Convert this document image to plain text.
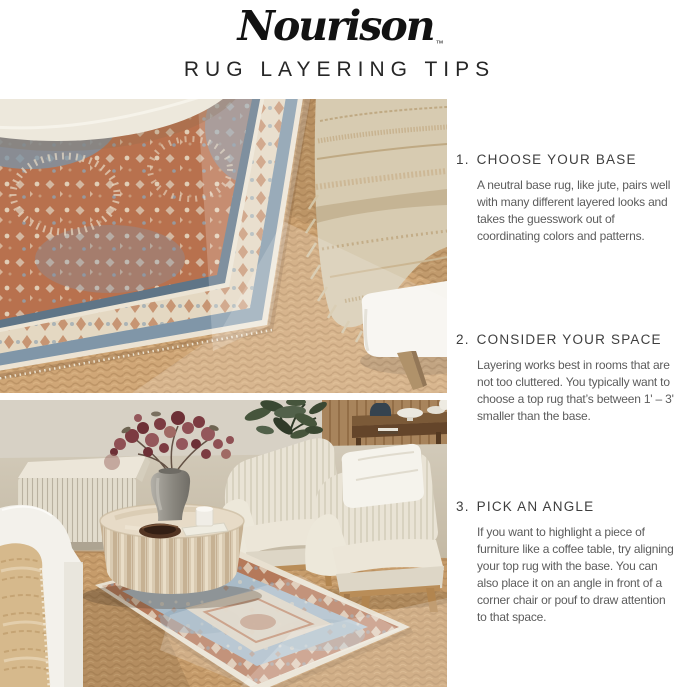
Nourison ™
RUG LAYERING TIPS
1. CHOOSE YOUR BASE

A neutral base rug, like jute, pairs well with many different layered looks and takes the guesswork out of coordinating colors and patterns.

2. CONSIDER YOUR SPACE

Layering works best in rooms that are not too cluttered. You typically want to choose a top rug that’s between 1' – 3' smaller than the base.

3. PICK AN ANGLE

If you want to highlight a piece of furniture like a coffee table, try aligning your top rug with the base. You can also place it on an angle in front of a corner chair or pouf to draw attention to that space.
